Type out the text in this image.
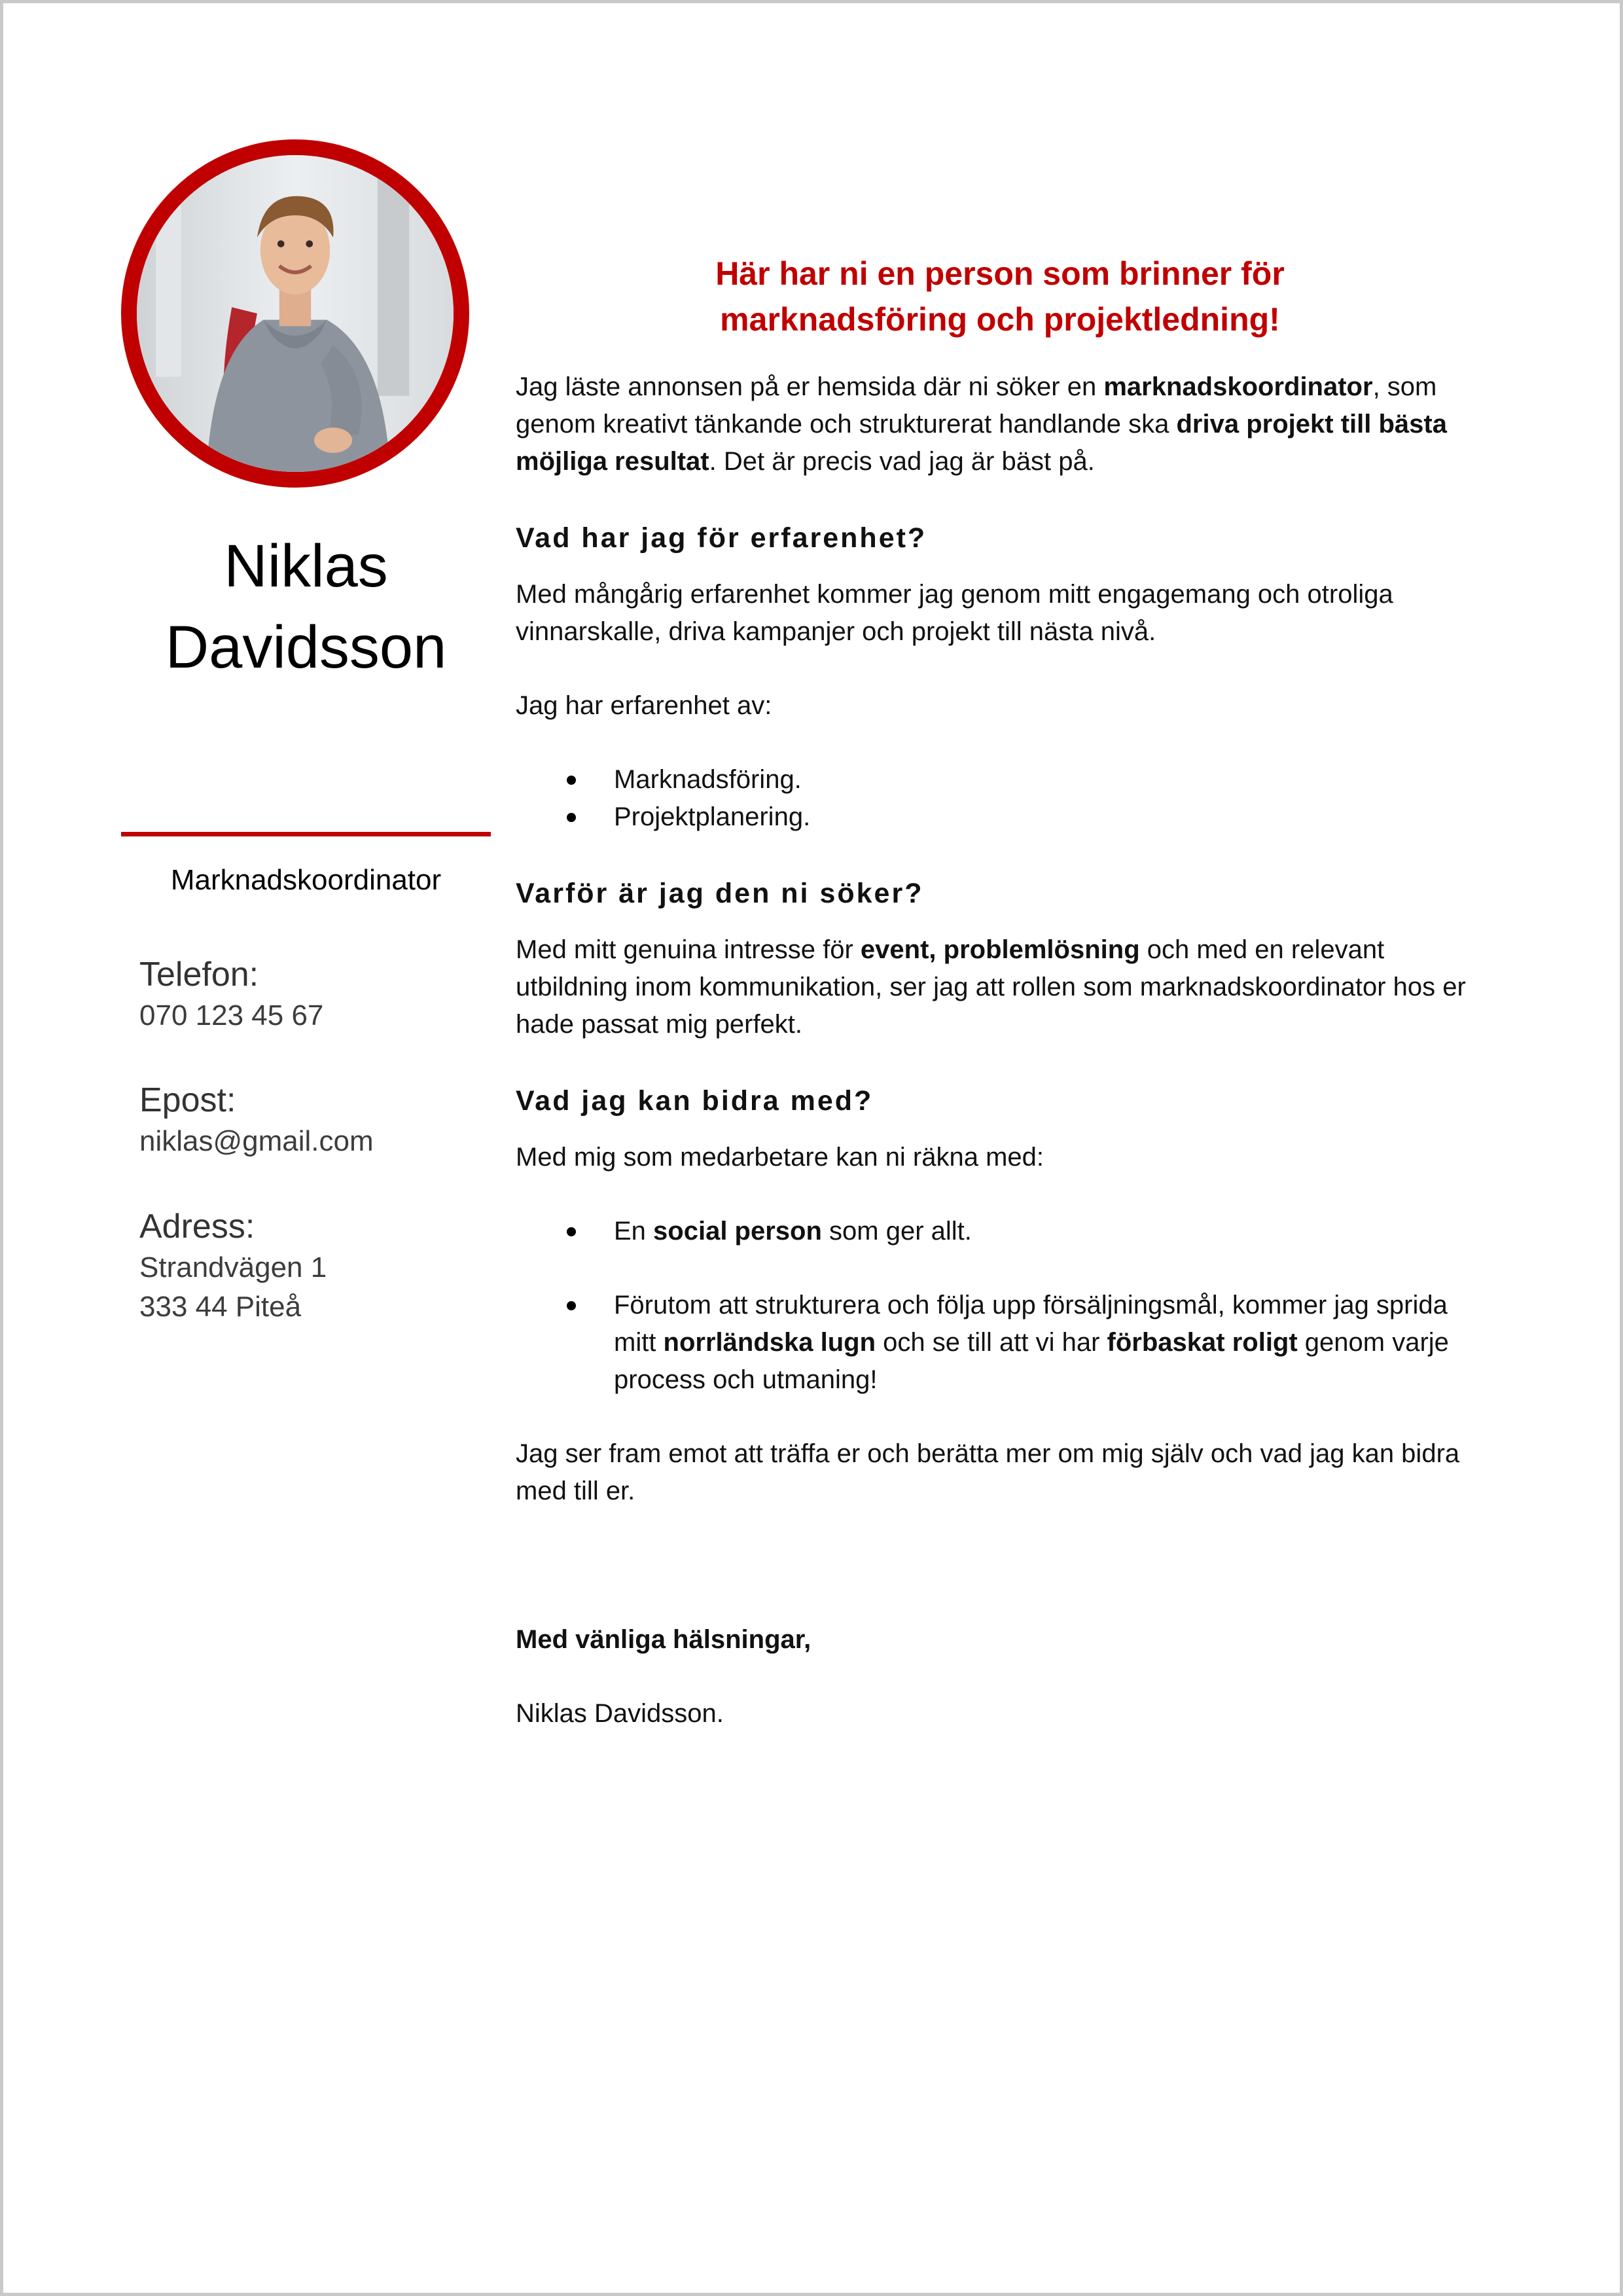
Niklas
Davidsson
Marknadskoordinator
Telefon:
070 123 45 67
Epost:
niklas@gmail.com
Adress:
Strandvägen 1
333 44 Piteå
Här har ni en person som brinner för
marknadsföring och projektledning!

Jag läste annonsen på er hemsida där ni söker en marknadskoordinator, som genom kreativt tänkande och strukturerat handlande ska driva projekt till bästa möjliga resultat. Det är precis vad jag är bäst på.

Vad har jag för erfarenhet?

Med mångårig erfarenhet kommer jag genom mitt engagemang och otroliga vinnarskalle, driva kampanjer och projekt till nästa nivå.

Jag har erfarenhet av:

Marknadsföring.
Projektplanering.
Varför är jag den ni söker?

Med mitt genuina intresse för event, problemlösning och med en relevant utbildning inom kommunikation, ser jag att rollen som marknadskoordinator hos er hade passat mig perfekt.

Vad jag kan bidra med?

Med mig som medarbetare kan ni räkna med:

En social person som ger allt.
Förutom att strukturera och följa upp försäljningsmål, kommer jag sprida mitt norrländska lugn och se till att vi har förbaskat roligt genom varje process och utmaning!

Jag ser fram emot att träffa er och berätta mer om mig själv och vad jag kan bidra med till er.

Med vänliga hälsningar,

Niklas Davidsson.
